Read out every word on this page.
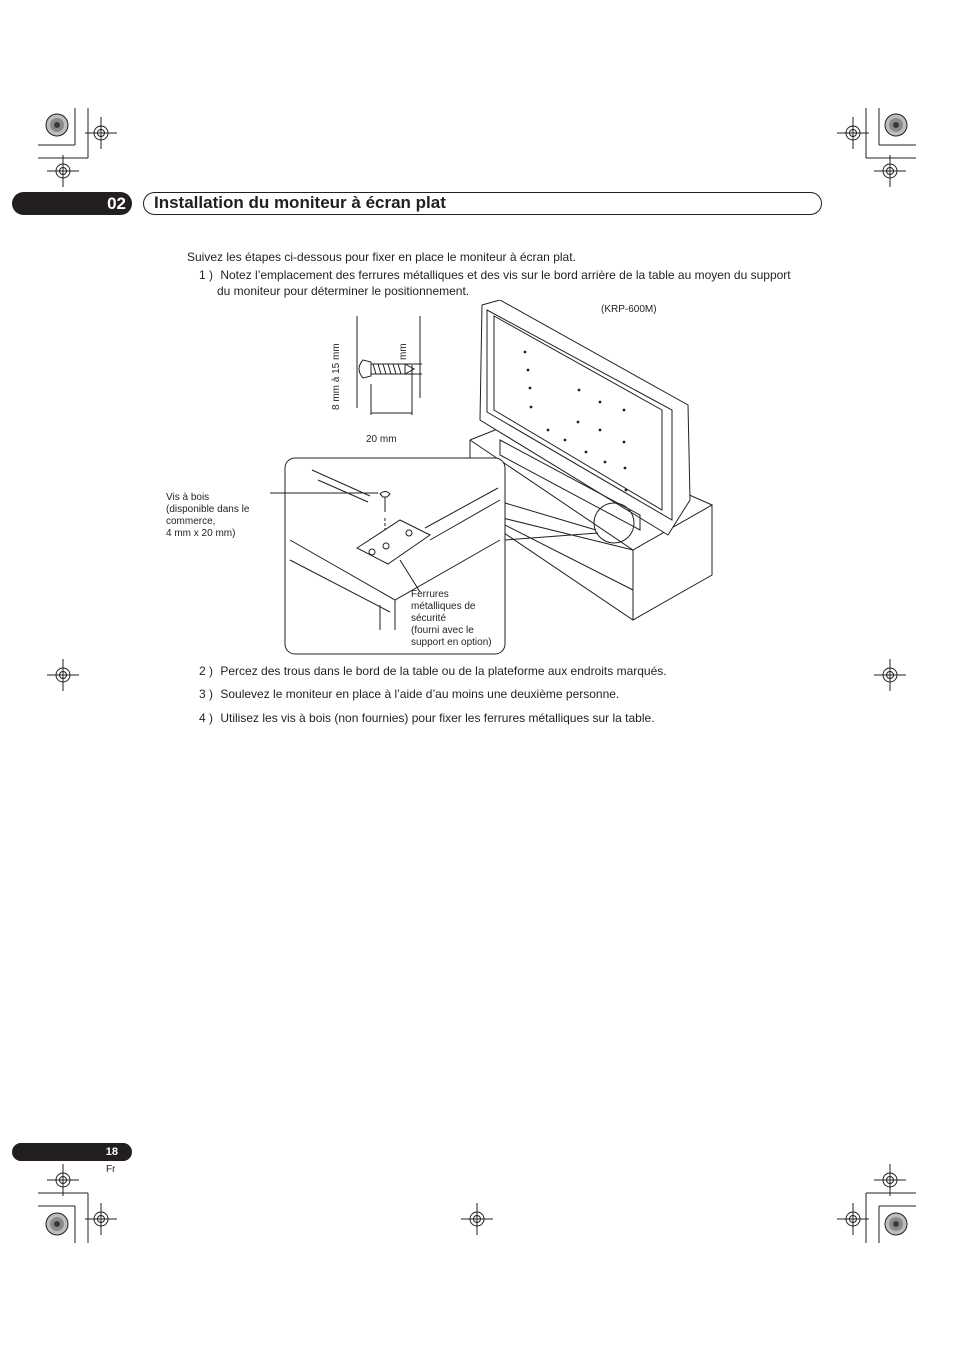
02	Installation du moniteur à écran plat
Suivez les étapes ci-dessous pour fixer en place le moniteur à écran plat.
1 ) Notez l’emplacement des ferrures métalliques et des vis sur le bord arrière de la table au moyen du support
du moniteur pour déterminer le positionnement.
2 ) Percez des trous dans le bord de la table ou de la plateforme aux endroits marqués.
3 ) Soulevez le moniteur en place à l’aide d’au moins une deuxième personne.
4 ) Utilisez les vis à bois (non fournies) pour fixer les ferrures métalliques sur la table.
(KRP-600M)
8 mm à 15 mm	mm
20 mm
Vis à bois
(disponible dans le
commerce,
4 mm x 20 mm)
Ferrures
métalliques de
sécurité
(fourni avec le
support en option)
18
Fr
